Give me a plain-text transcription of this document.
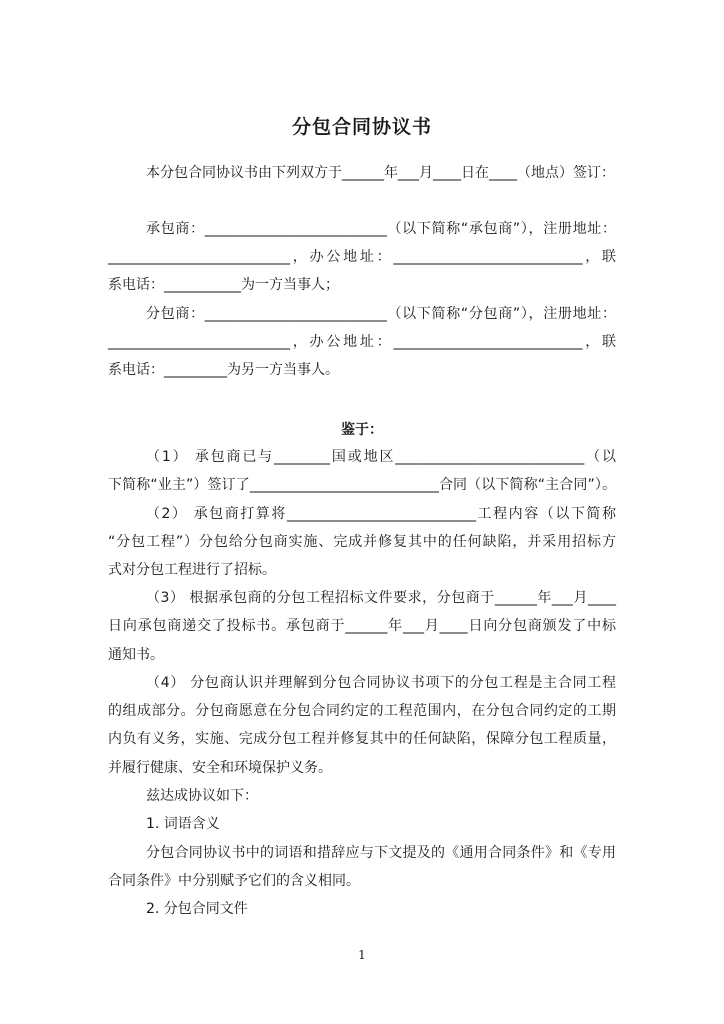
分包合同协议书
本分包合同协议书由下列双方于______年___月____日在____（地点）签订：
承包商：__________________________（以下简称“承包商”），注册地址：
__________________________，办公地址：___________________________，联
系电话：___________为一方当事人；
分包商：__________________________（以下简称“分包商”），注册地址：
__________________________，办公地址：___________________________，联
系电话：_________为另一方当事人。
鉴于：
（1） 承包商已与________国或地区___________________________（以
下简称“业主”）签订了___________________________合同（以下简称“主合同”）。
（2） 承包商打算将___________________________工程内容（以下简称
“分包工程”）分包给分包商实施、完成并修复其中的任何缺陷，并采用招标方
式对分包工程进行了招标。
（3） 根据承包商的分包工程招标文件要求，分包商于______年___月____
日向承包商递交了投标书。承包商于______年___月____日向分包商颁发了中标
通知书。
（4） 分包商认识并理解到分包合同协议书项下的分包工程是主合同工程
的组成部分。分包商愿意在分包合同约定的工程范围内，在分包合同约定的工期
内负有义务，实施、完成分包工程并修复其中的任何缺陷，保障分包工程质量，
并履行健康、安全和环境保护义务。
兹达成协议如下：
1. 词语含义
分包合同协议书中的词语和措辞应与下文提及的《通用合同条件》和《专用
合同条件》中分别赋予它们的含义相同。
2. 分包合同文件
1
